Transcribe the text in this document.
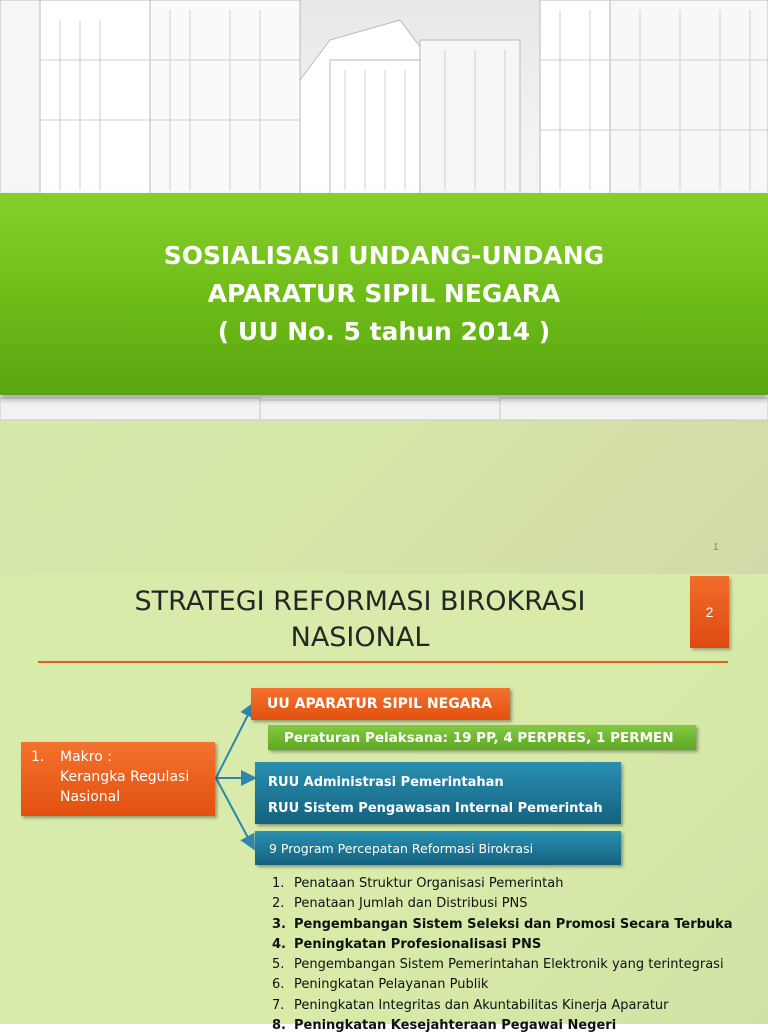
SOSIALISASI UNDANG-UNDANG
APARATUR SIPIL NEGARA
( UU No. 5 tahun 2014 )
1
STRATEGI REFORMASI BIROKRASI
NASIONAL
2
1. Makro :
Kerangka Regulasi
Nasional
UU APARATUR SIPIL NEGARA
Peraturan Pelaksana: 19 PP, 4 PERPRES, 1 PERMEN
RUU Administrasi Pemerintahan
RUU Sistem Pengawasan Internal Pemerintah
9 Program Percepatan Reformasi Birokrasi
1. Penataan Struktur Organisasi Pemerintah
2. Penataan Jumlah dan Distribusi PNS
3. Pengembangan Sistem Seleksi dan Promosi Secara Terbuka
4. Peningkatan Profesionalisasi PNS
5. Pengembangan Sistem Pemerintahan Elektronik yang terintegrasi
6. Peningkatan Pelayanan Publik
7. Peningkatan Integritas dan Akuntabilitas Kinerja Aparatur
8. Peningkatan Kesejahteraan Pegawai Negeri
